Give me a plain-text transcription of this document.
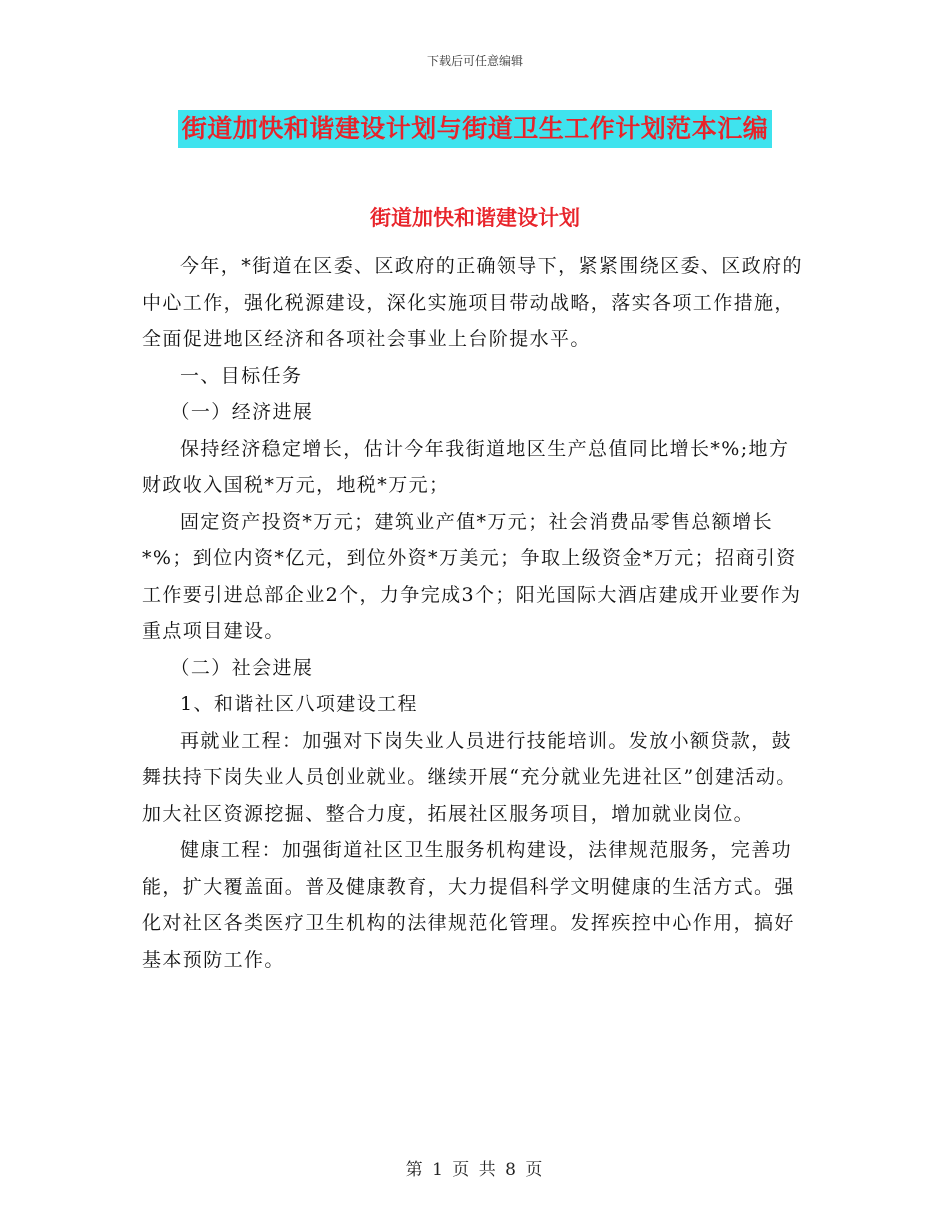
下载后可任意编辑
街道加快和谐建设计划与街道卫生工作计划范本汇编
街道加快和谐建设计划

今年，*街道在区委、区政府的正确领导下，紧紧围绕区委、区政府的中心工作，强化税源建设，深化实施项目带动战略，落实各项工作措施，全面促进地区经济和各项社会事业上台阶提水平。

一、目标任务

（一）经济进展

保持经济稳定增长，估计今年我街道地区生产总值同比增长*%;地方财政收入国税*万元，地税*万元；

固定资产投资*万元；建筑业产值*万元；社会消费品零售总额增长*%；到位内资*亿元，到位外资*万美元；争取上级资金*万元；招商引资工作要引进总部企业2个，力争完成3个；阳光国际大酒店建成开业要作为重点项目建设。

（二）社会进展

1、和谐社区八项建设工程

再就业工程：加强对下岗失业人员进行技能培训。发放小额贷款，鼓舞扶持下岗失业人员创业就业。继续开展“充分就业先进社区”创建活动。加大社区资源挖掘、整合力度，拓展社区服务项目，增加就业岗位。

健康工程：加强街道社区卫生服务机构建设，法律规范服务，完善功能，扩大覆盖面。普及健康教育，大力提倡科学文明健康的生活方式。强化对社区各类医疗卫生机构的法律规范化管理。发挥疾控中心作用，搞好基本预防工作。

第 1 页 共 8 页
